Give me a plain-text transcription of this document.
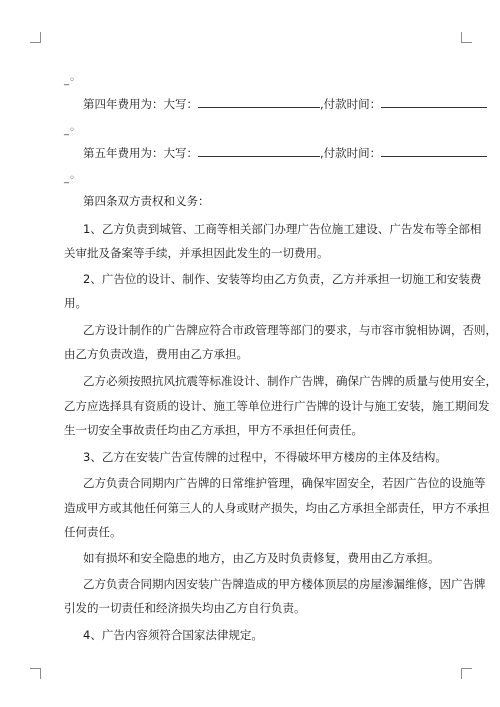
_◦
第四年费用为：大写：	,付款时间：
_◦
第五年费用为：大写：	,付款时间：
_◦
第四条双方责权和义务：
1、乙方负责到城管、工商等相关部门办理广告位施工建设、广告发布等全部相
关审批及备案等手续，并承担因此发生的一切费用。
2、广告位的设计、制作、安装等均由乙方负责，乙方并承担一切施工和安装费
用。
乙方设计制作的广告牌应符合市政管理等部门的要求，与市容市貌相协调，否则，
由乙方负责改造，费用由乙方承担。
乙方必须按照抗风抗震等标准设计、制作广告牌，确保广告牌的质量与使用安全，
乙方应选择具有资质的设计、施工等单位进行广告牌的设计与施工安装，施工期间发
生一切安全事故责任均由乙方承担，甲方不承担任何责任。
3、乙方在安装广告宣传牌的过程中，不得破坏甲方楼房的主体及结构。
乙方负责合同期内广告牌的日常维护管理，确保牢固安全，若因广告位的设施等
造成甲方或其他任何第三人的人身或财产损失，均由乙方承担全部责任，甲方不承担
任何责任。
如有损坏和安全隐患的地方，由乙方及时负责修复，费用由乙方承担。
乙方负责合同期内因安装广告牌造成的甲方楼体顶层的房屋渗漏维修，因广告牌
引发的一切责任和经济损失均由乙方自行负责。
4、广告内容须符合国家法律规定。
